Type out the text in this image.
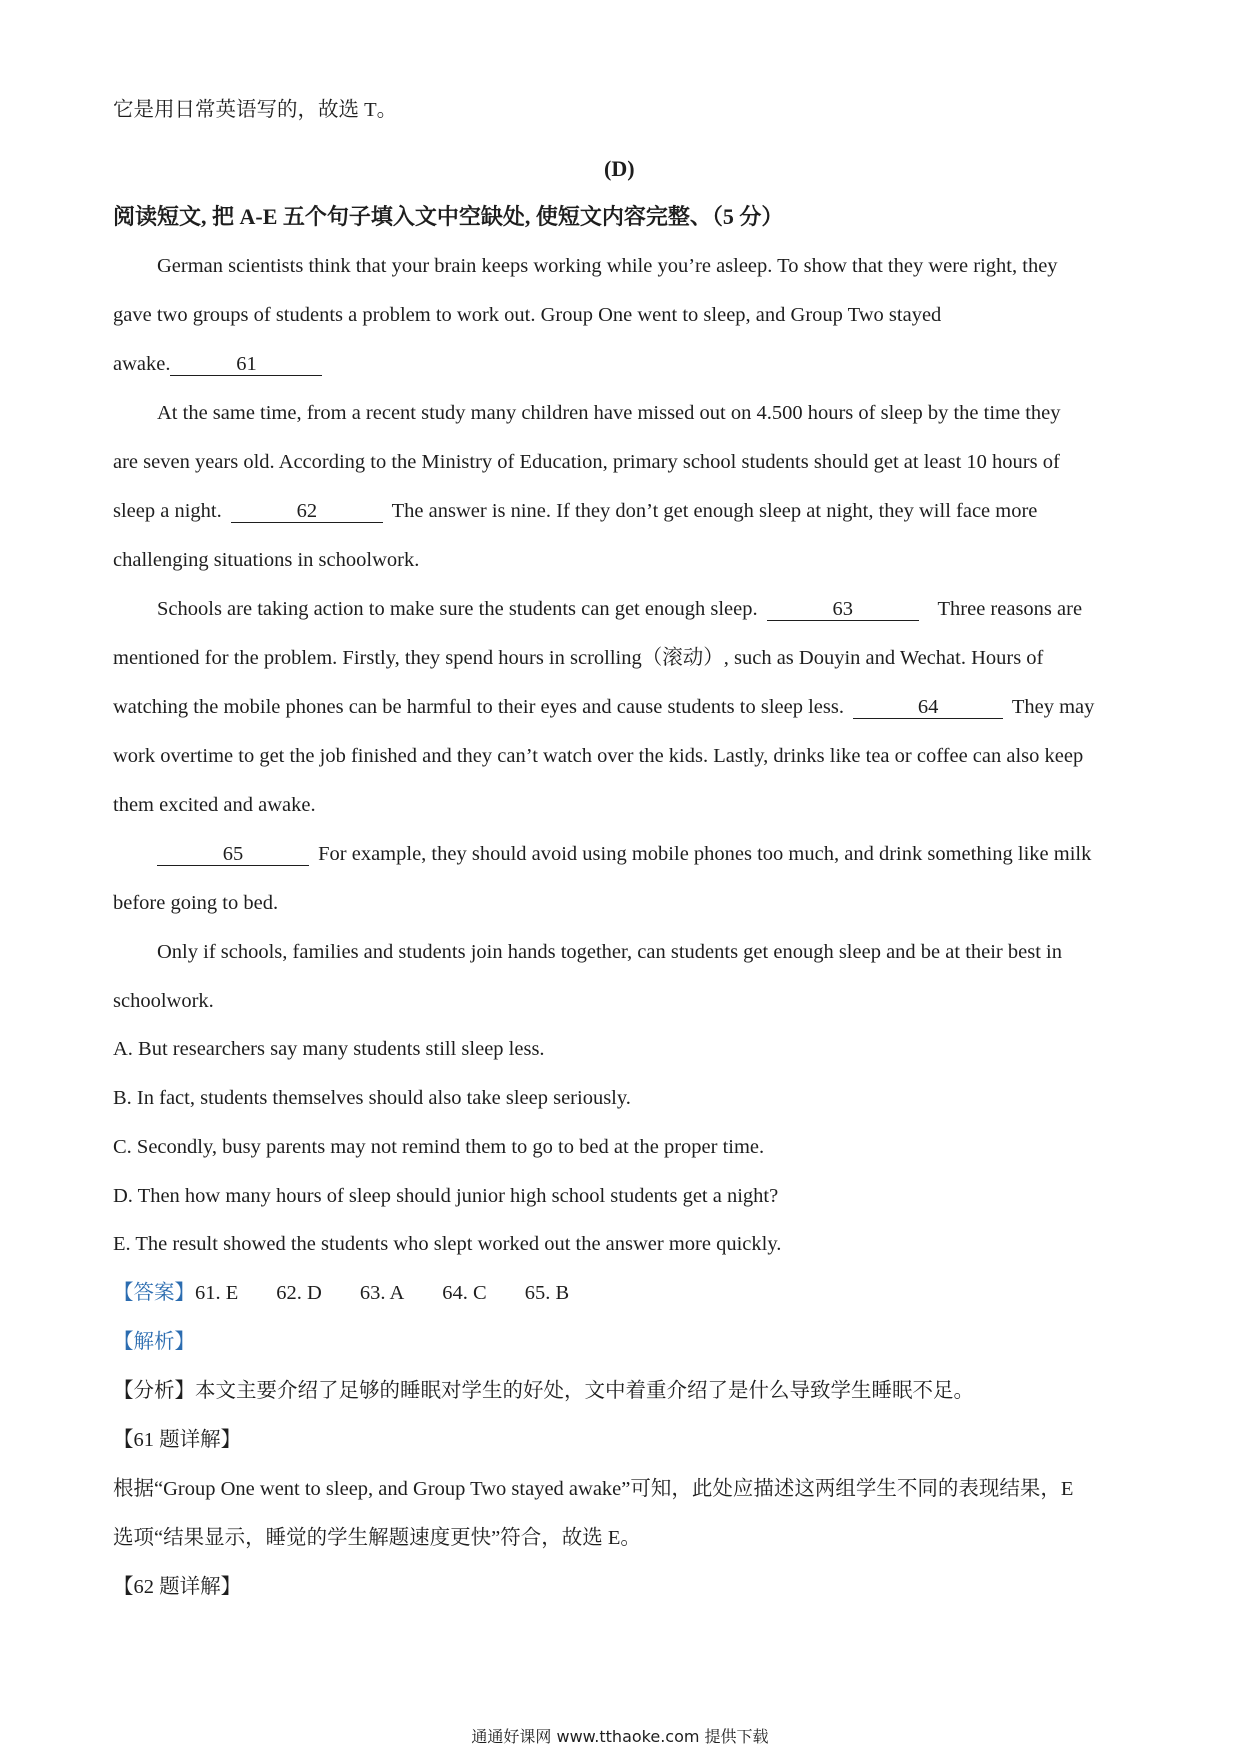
它是用日常英语写的，故选 T。
(D)
阅读短文, 把 A-E 五个句子填入文中空缺处, 使短文内容完整、（5 分）
German scientists think that your brain keeps working while you’re asleep. To show that they were right, they
gave two groups of students a problem to work out. Group One went to sleep, and Group Two stayed
awake.	61
At the same time, from a recent study many children have missed out on 4.500 hours of sleep by the time they
are seven years old. According to the Ministry of Education, primary school students should get at least 10 hours of
sleep a night.	62	The answer is nine. If they don’t get enough sleep at night, they will face more
challenging situations in schoolwork.
Schools are taking action to make sure the students can get enough sleep.	63	Three reasons are
mentioned for the problem. Firstly, they spend hours in scrolling（滚动）, such as Douyin and Wechat. Hours of
watching the mobile phones can be harmful to their eyes and cause students to sleep less.	64	They may
work overtime to get the job finished and they can’t watch over the kids. Lastly, drinks like tea or coffee can also keep
them excited and awake.
65	For example, they should avoid using mobile phones too much, and drink something like milk
before going to bed.
Only if schools, families and students join hands together, can students get enough sleep and be at their best in
schoolwork.
A. But researchers say many students still sleep less.
B. In fact, students themselves should also take sleep seriously.
C. Secondly, busy parents may not remind them to go to bed at the proper time.
D. Then how many hours of sleep should junior high school students get a night?
E. The result showed the students who slept worked out the answer more quickly.
【答案】61. E 62. D 63. A 64. C 65. B
【解析】
【分析】本文主要介绍了足够的睡眠对学生的好处，文中着重介绍了是什么导致学生睡眠不足。
【61 题详解】
根据“Group One went to sleep, and Group Two stayed awake”可知，此处应描述这两组学生不同的表现结果，E
选项“结果显示，睡觉的学生解题速度更快”符合，故选 E。
【62 题详解】
通通好课网 www.tthaoke.com 提供下载
